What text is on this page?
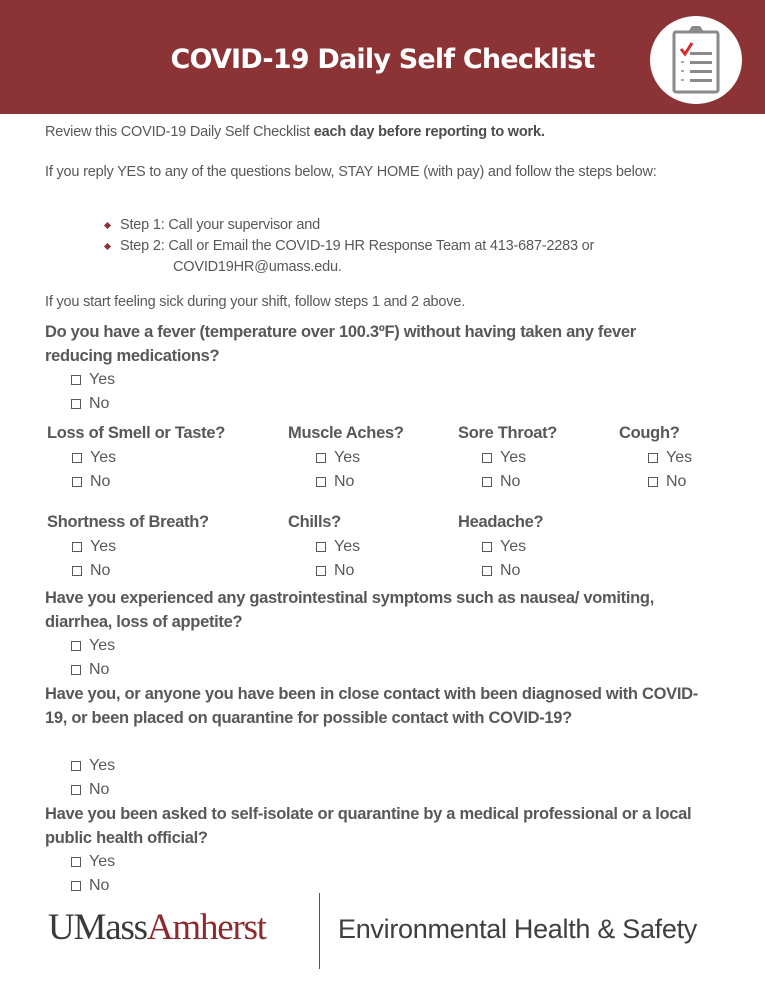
COVID-19 Daily Self Checklist
Review this COVID-19 Daily Self Checklist each day before reporting to work.
If you reply YES to any of the questions below, STAY HOME (with pay) and follow the steps below:
Step 1: Call your supervisor and
Step 2: Call or Email the COVID-19 HR Response Team at 413-687-2283 or
COVID19HR@umass.edu.
If you start feeling sick during your shift, follow steps 1 and 2 above.
Do you have a fever (temperature over 100.3ºF) without having taken any fever reducing medications?
Yes
No
Loss of Smell or Taste?
Yes
No
Muscle Aches?
Yes
No
Sore Throat?
Yes
No
Cough?
Yes
No
Shortness of Breath?
Yes
No
Chills?
Yes
No
Headache?
Yes
No
Have you experienced any gastrointestinal symptoms such as nausea/ vomiting, diarrhea, loss of appetite?
Yes
No
Have you, or anyone you have been in close contact with been diagnosed with COVID-19, or been placed on quarantine for possible contact with COVID-19?
Yes
No
Have you been asked to self-isolate or quarantine by a medical professional or a local public health official?
Yes
No
UMassAmherst	Environmental Health & Safety
